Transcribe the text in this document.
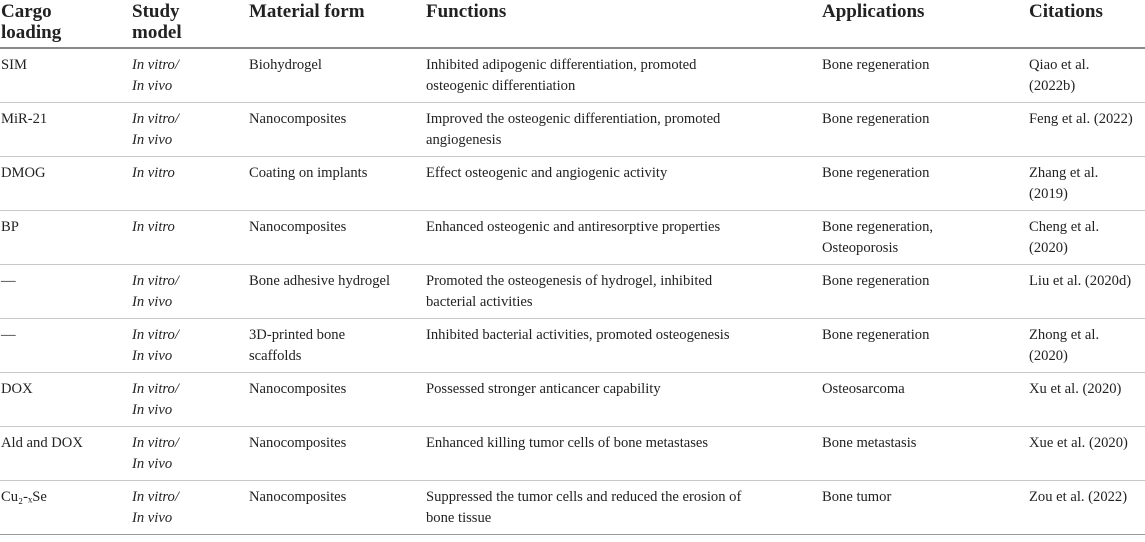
Cargo
loading	Study
model	Material form	Functions	Applications	Citations

SIM	In vitro/
In vivo	Biohydrogel	Inhibited adipogenic differentiation, promoted
osteogenic differentiation	Bone regeneration	Qiao et al.
(2022b)

MiR-21	In vitro/
In vivo	Nanocomposites	Improved the osteogenic differentiation, promoted
angiogenesis	Bone regeneration	Feng et al. (2022)

DMOG	In vitro	Coating on implants	Effect osteogenic and angiogenic activity	Bone regeneration	Zhang et al.
(2019)

BP	In vitro	Nanocomposites	Enhanced osteogenic and antiresorptive properties	Bone regeneration,
Osteoporosis	Cheng et al.
(2020)

—	In vitro/
In vivo	Bone adhesive hydrogel	Promoted the osteogenesis of hydrogel, inhibited
bacterial activities	Bone regeneration	Liu et al. (2020d)

—	In vitro/
In vivo	3D-printed bone
scaffolds	Inhibited bacterial activities, promoted osteogenesis	Bone regeneration	Zhong et al.
(2020)

DOX	In vitro/
In vivo	Nanocomposites	Possessed stronger anticancer capability	Osteosarcoma	Xu et al. (2020)

Ald and DOX	In vitro/
In vivo	Nanocomposites	Enhanced killing tumor cells of bone metastases	Bone metastasis	Xue et al. (2020)

Cu₂-ₓSe	In vitro/
In vivo	Nanocomposites	Suppressed the tumor cells and reduced the erosion of
bone tissue	Bone tumor	Zou et al. (2022)
